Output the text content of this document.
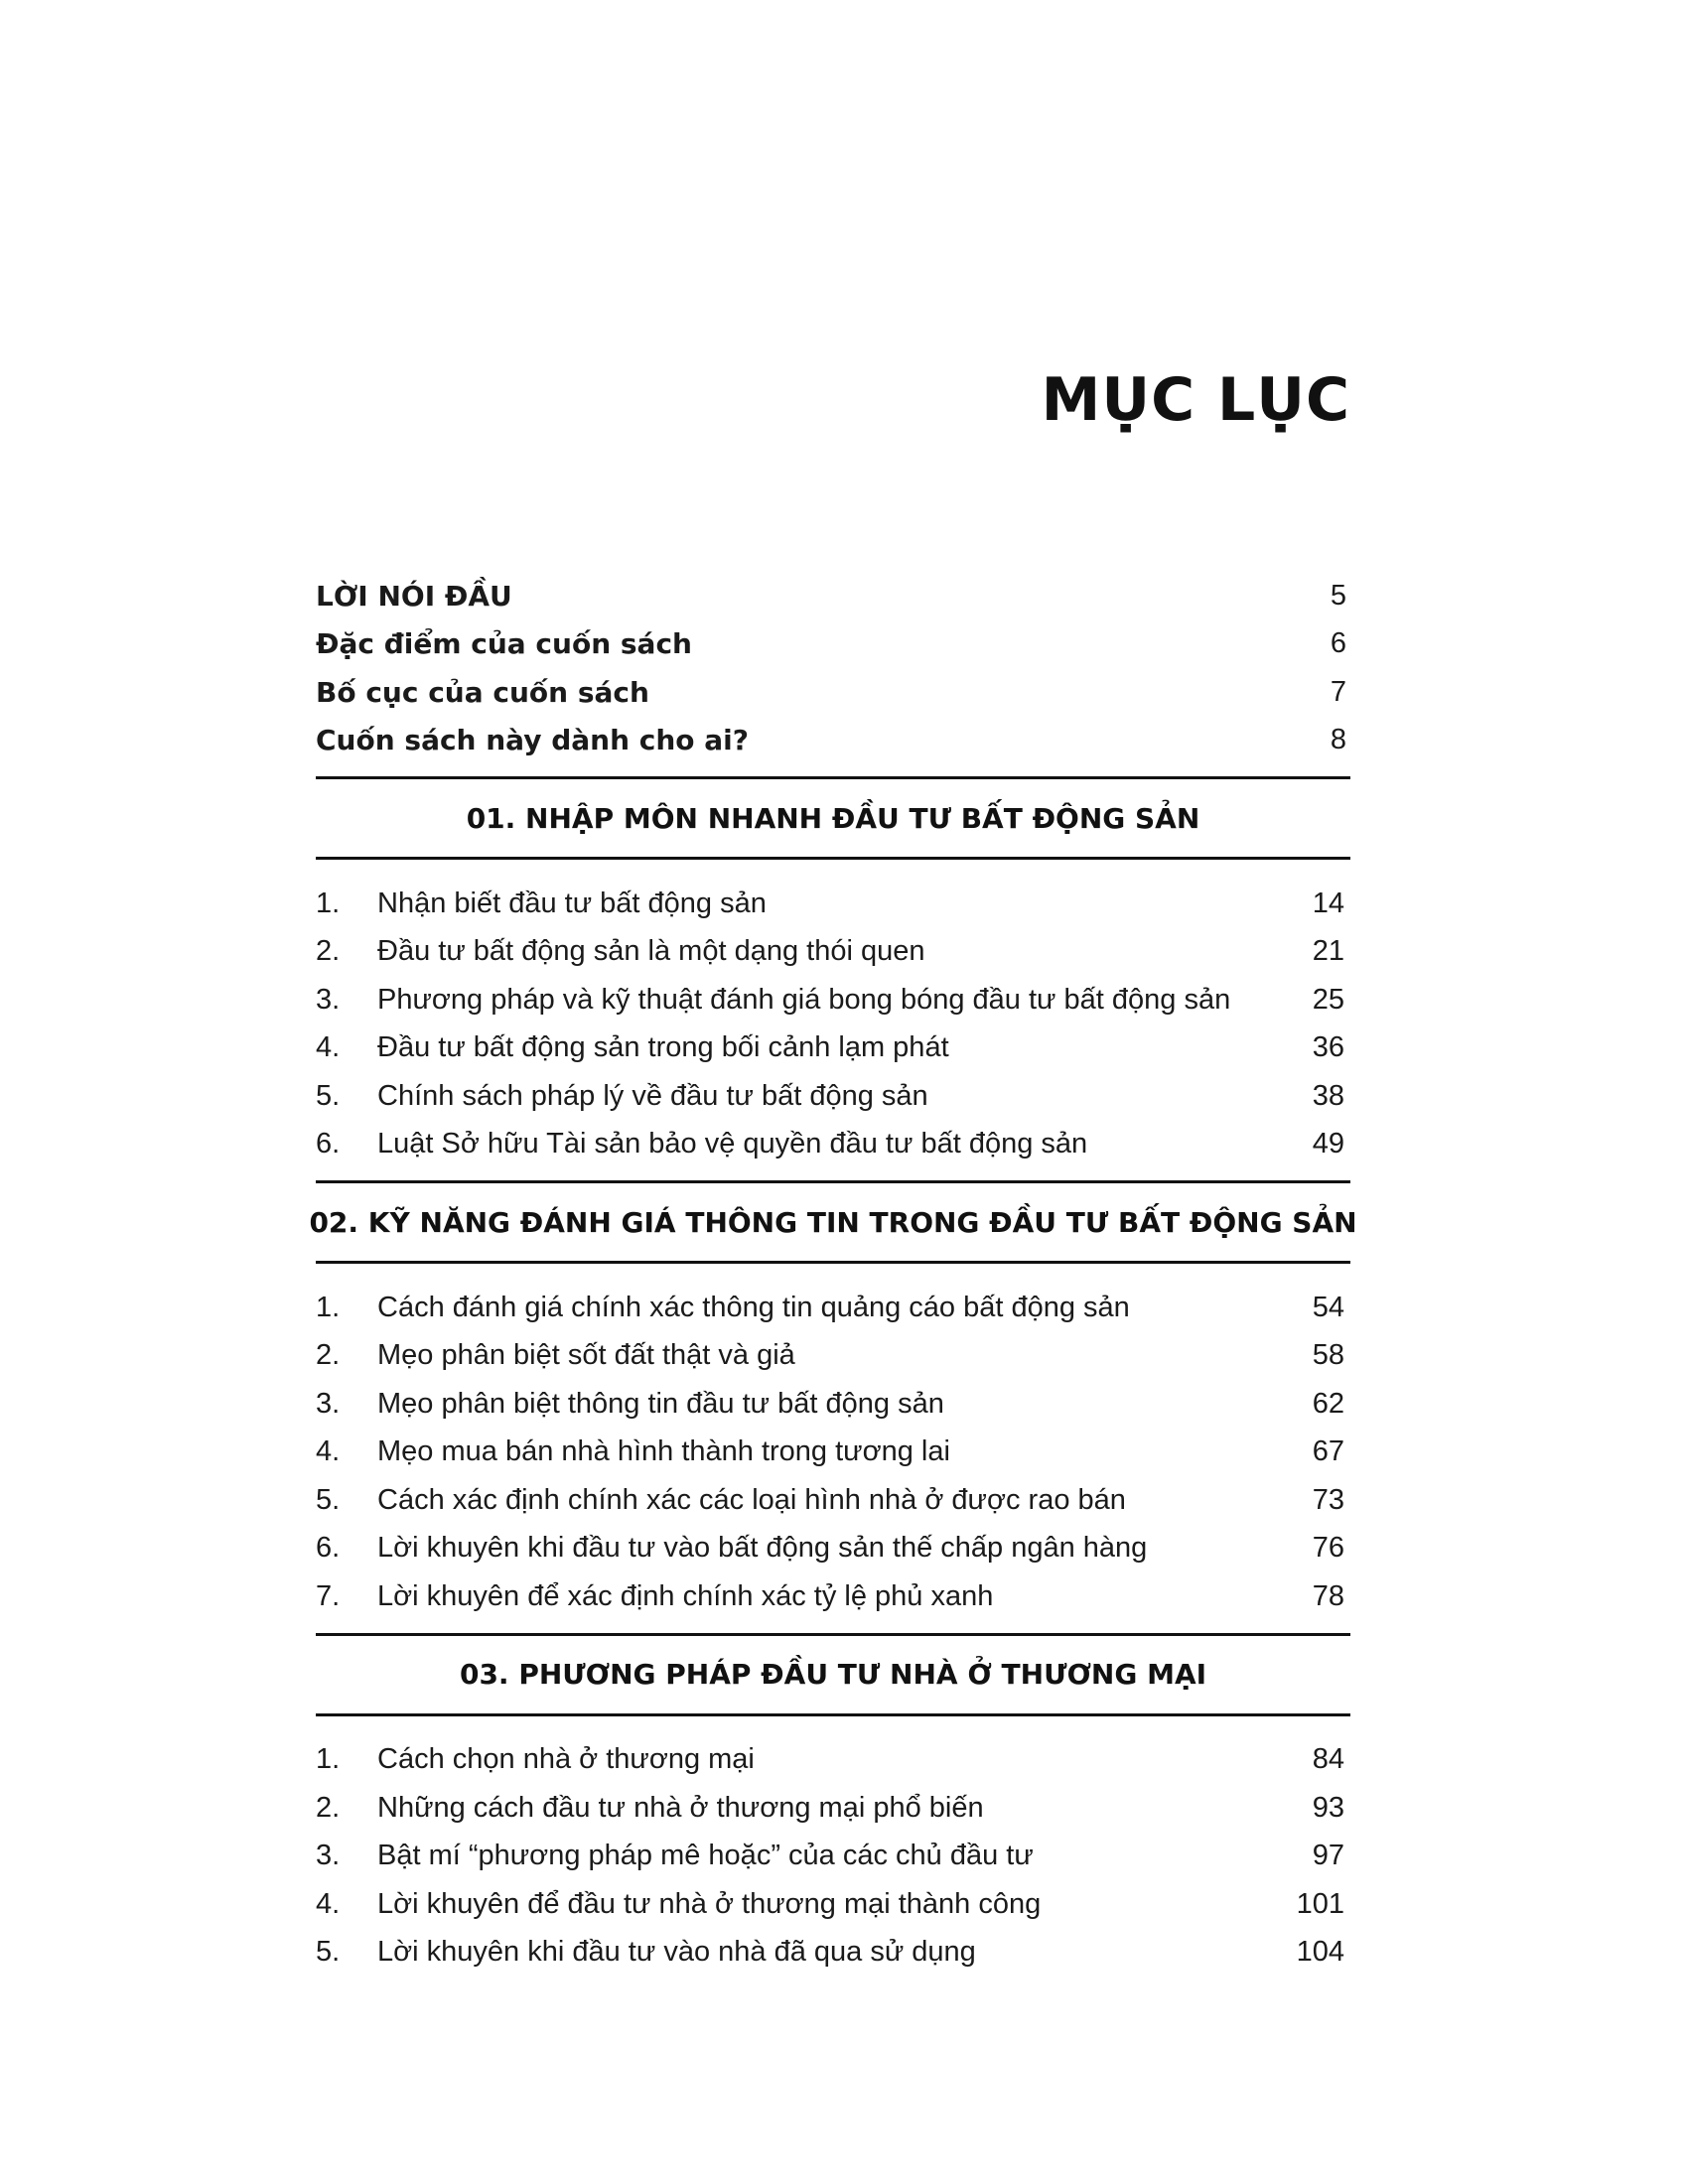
MỤC LỤC
LỜI NÓI ĐẦU	5
Đặc điểm của cuốn sách	6
Bố cục của cuốn sách	7
Cuốn sách này dành cho ai?	8
01. NHẬP MÔN NHANH ĐẦU TƯ BẤT ĐỘNG SẢN
1.	Nhận biết đầu tư bất động sản	14
2.	Đầu tư bất động sản là một dạng thói quen	21
3.	Phương pháp và kỹ thuật đánh giá bong bóng đầu tư bất động sản	25
4.	Đầu tư bất động sản trong bối cảnh lạm phát	36
5.	Chính sách pháp lý về đầu tư bất động sản	38
6.	Luật Sở hữu Tài sản bảo vệ quyền đầu tư bất động sản	49
02. KỸ NĂNG ĐÁNH GIÁ THÔNG TIN TRONG ĐẦU TƯ BẤT ĐỘNG SẢN
1.	Cách đánh giá chính xác thông tin quảng cáo bất động sản	54
2.	Mẹo phân biệt sốt đất thật và giả	58
3.	Mẹo phân biệt thông tin đầu tư bất động sản	62
4.	Mẹo mua bán nhà hình thành trong tương lai	67
5.	Cách xác định chính xác các loại hình nhà ở được rao bán	73
6.	Lời khuyên khi đầu tư vào bất động sản thế chấp ngân hàng	76
7.	Lời khuyên để xác định chính xác tỷ lệ phủ xanh	78
03. PHƯƠNG PHÁP ĐẦU TƯ NHÀ Ở THƯƠNG MẠI
1.	Cách chọn nhà ở thương mại	84
2.	Những cách đầu tư nhà ở thương mại phổ biến	93
3.	Bật mí “phương pháp mê hoặc” của các chủ đầu tư	97
4.	Lời khuyên để đầu tư nhà ở thương mại thành công	101
5.	Lời khuyên khi đầu tư vào nhà đã qua sử dụng	104
